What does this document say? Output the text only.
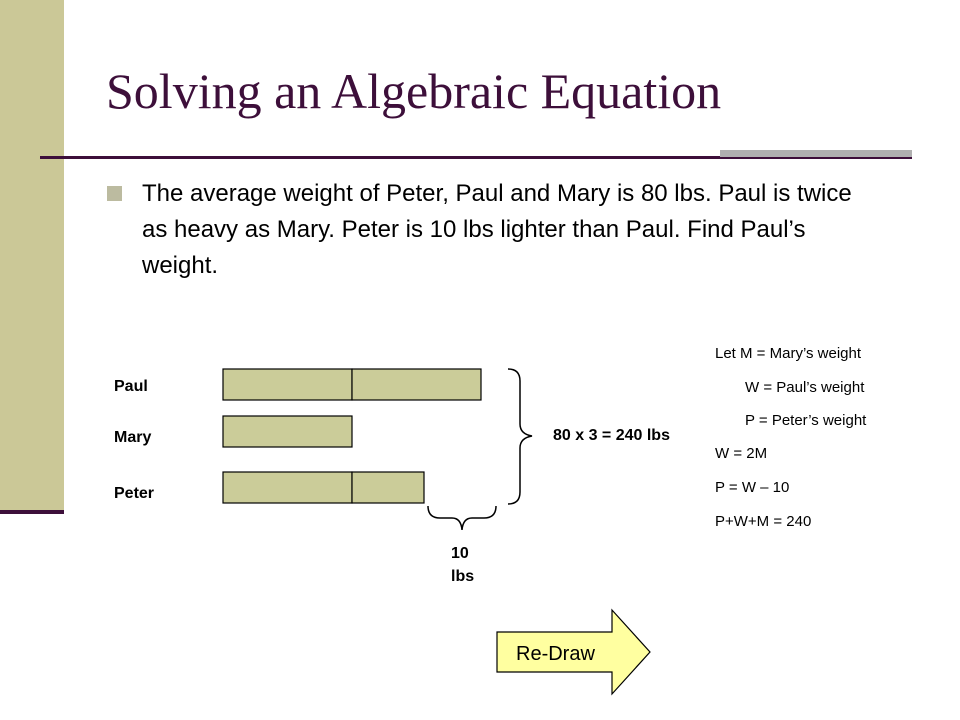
Solving an Algebraic Equation

The average weight of Peter, Paul and Mary is 80 lbs. Paul is twice as heavy as Mary. Peter is 10 lbs lighter than Paul. Find Paul’s weight.

Paul
Mary
Peter
80 x 3 = 240 lbs
10
lbs
Let M = Mary’s weight
W = Paul’s weight
P = Peter’s weight
W = 2M
P = W – 10
P+W+M = 240
Re-Draw
